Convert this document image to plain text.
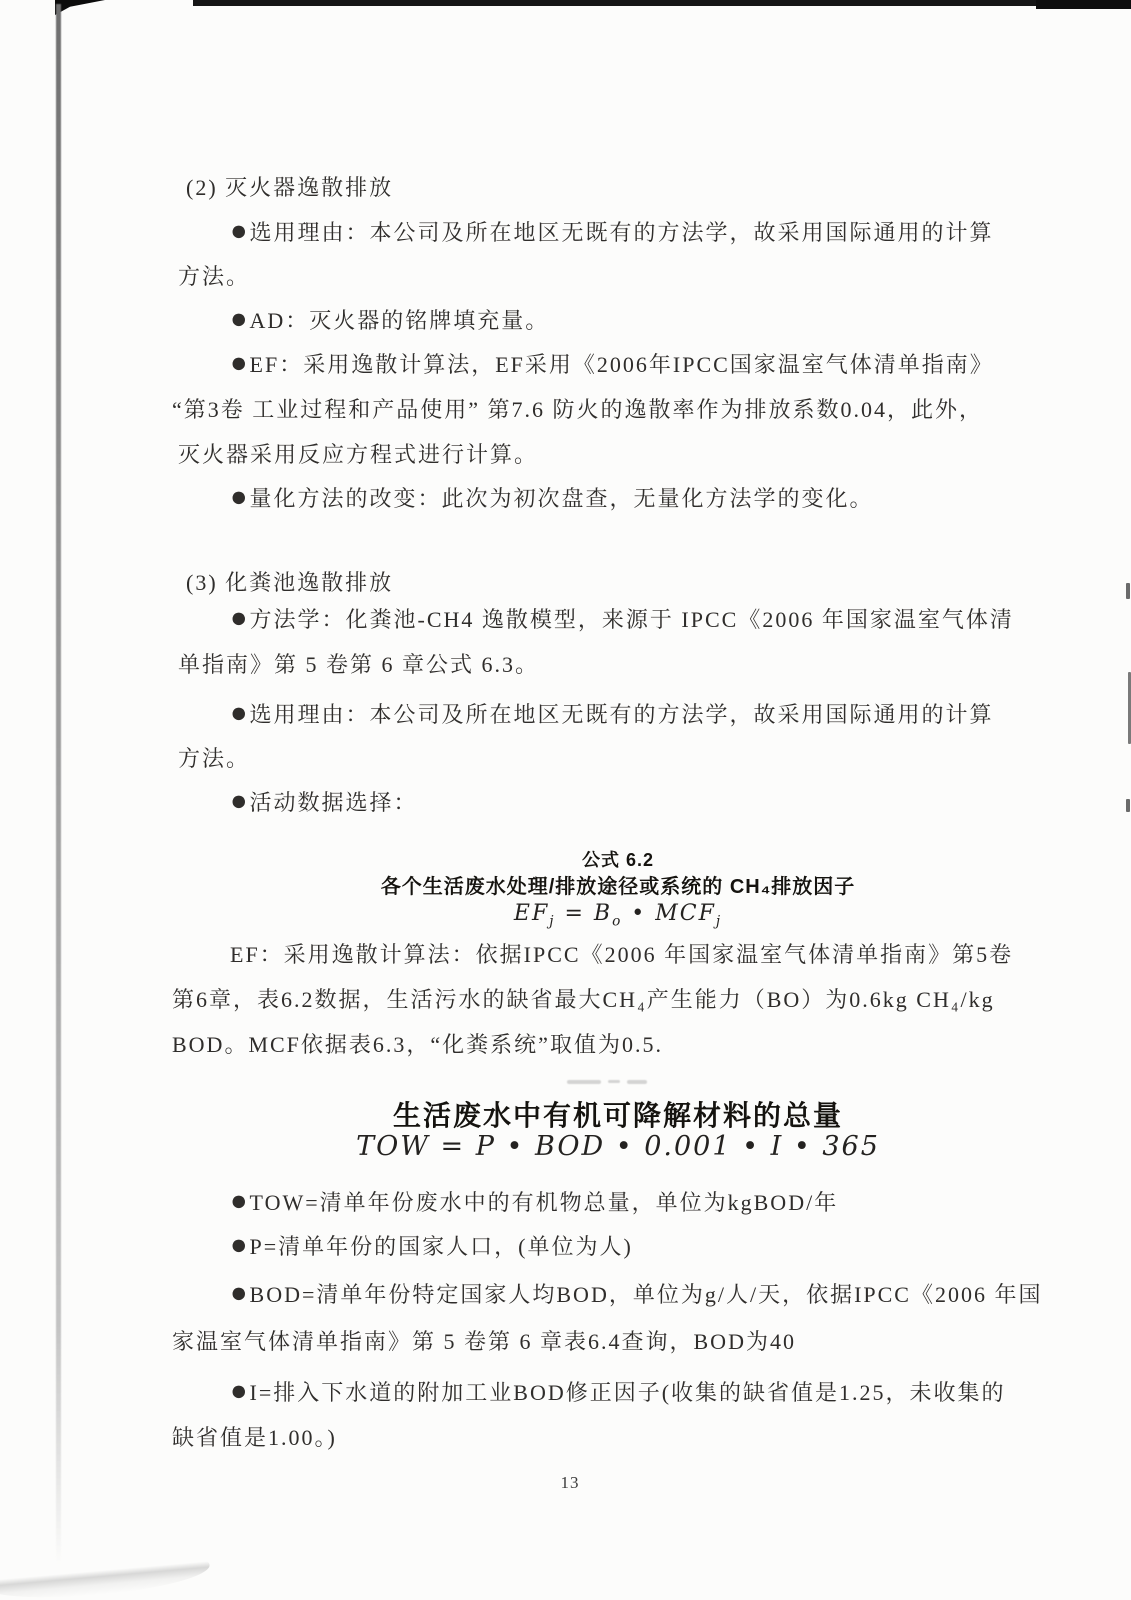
(2) 灭火器逸散排放
●选用理由：本公司及所在地区无既有的方法学，故采用国际通用的计算
方法。
●AD：灭火器的铭牌填充量。
●EF：采用逸散计算法，EF采用《2006年IPCC国家温室气体清单指南》
“第3卷 工业过程和产品使用” 第7.6 防火的逸散率作为排放系数0.04，此外，
灭火器采用反应方程式进行计算。
●量化方法的改变：此次为初次盘查，无量化方法学的变化。
(3) 化粪池逸散排放
●方法学：化粪池-CH4 逸散模型，来源于 IPCC《2006 年国家温室气体清
单指南》第 5 卷第 6 章公式 6.3。
●选用理由：本公司及所在地区无既有的方法学，故采用国际通用的计算
方法。
●活动数据选择：
公式 6.2
各个生活废水处理/排放途径或系统的 CH₄排放因子
$EF_j = B_o$ • $MCF_j$
EF：采用逸散计算法：依据IPCC《2006 年国家温室气体清单指南》第5卷
第6章，表6.2数据，生活污水的缺省最大CH₄产生能力（BO）为0.6kg CH₄/kg
BOD。MCF依据表6.3，“化粪系统”取值为0.5.
生活废水中有机可降解材料的总量
TOW = P • BOD • 0.001 • I • 365
●TOW=清单年份废水中的有机物总量，单位为kgBOD/年
●P=清单年份的国家人口，(单位为人)
●BOD=清单年份特定国家人均BOD，单位为g/人/天，依据IPCC《2006 年国
家温室气体清单指南》第 5 卷第 6 章表6.4查询，BOD为40
●I=排入下水道的附加工业BOD修正因子(收集的缺省值是1.25，未收集的
缺省值是1.00。)
13
